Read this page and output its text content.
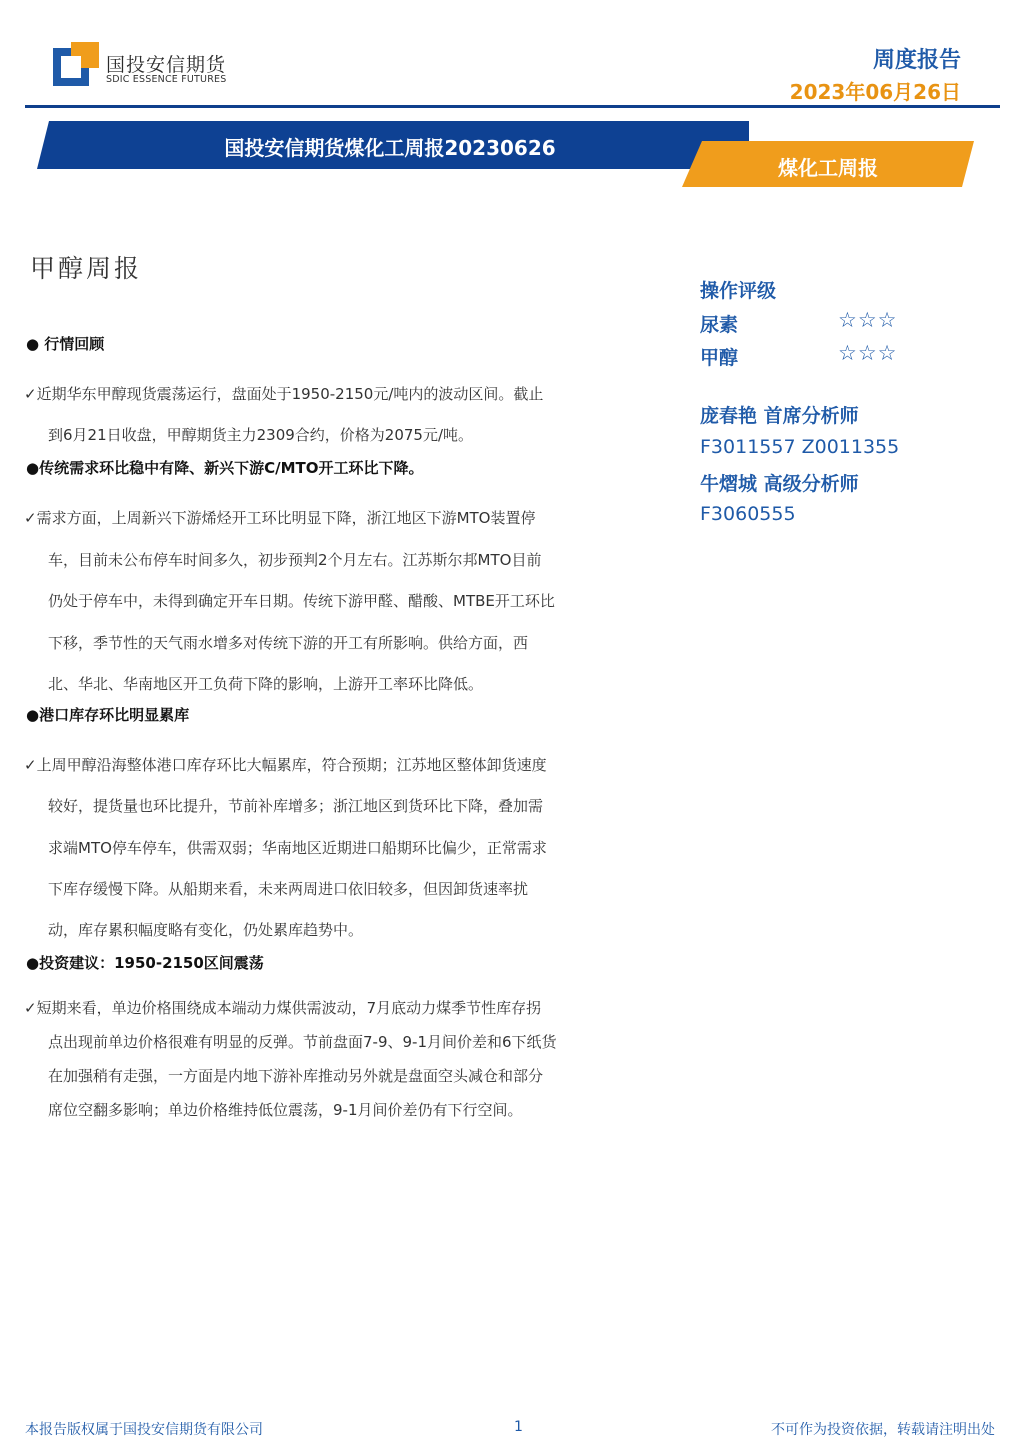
国投安信期货
SDIC ESSENCE FUTURES
周度报告
2023年06月26日
国投安信期货煤化工周报20230626
煤化工周报
甲醇周报
● 行情回顾
✓近期华东甲醇现货震荡运行，盘面处于1950-2150元/吨内的波动区间。截止
到6月21日收盘，甲醇期货主力2309合约，价格为2075元/吨。
●传统需求环比稳中有降、新兴下游C/MTO开工环比下降。
✓需求方面，上周新兴下游烯烃开工环比明显下降，浙江地区下游MTO装置停
车，目前未公布停车时间多久，初步预判2个月左右。江苏斯尔邦MTO目前
仍处于停车中，未得到确定开车日期。传统下游甲醛、醋酸、MTBE开工环比
下移，季节性的天气雨水增多对传统下游的开工有所影响。供给方面，西
北、华北、华南地区开工负荷下降的影响，上游开工率环比降低。
●港口库存环比明显累库
✓上周甲醇沿海整体港口库存环比大幅累库，符合预期；江苏地区整体卸货速度
较好，提货量也环比提升，节前补库增多；浙江地区到货环比下降，叠加需
求端MTO停车停车，供需双弱；华南地区近期进口船期环比偏少，正常需求
下库存缓慢下降。从船期来看，未来两周进口依旧较多，但因卸货速率扰
动，库存累积幅度略有变化，仍处累库趋势中。
●投资建议：1950-2150区间震荡
✓短期来看，单边价格围绕成本端动力煤供需波动，7月底动力煤季节性库存拐
点出现前单边价格很难有明显的反弹。节前盘面7-9、9-1月间价差和6下纸货
在加强稍有走强，一方面是内地下游补库推动另外就是盘面空头减仓和部分
席位空翻多影响；单边价格维持低位震荡，9-1月间价差仍有下行空间。
操作评级
尿素	☆☆☆
甲醇	☆☆☆
庞春艳 首席分析师
F3011557 Z0011355
牛熠城 高级分析师
F3060555
本报告版权属于国投安信期货有限公司	1	不可作为投资依据，转载请注明出处
